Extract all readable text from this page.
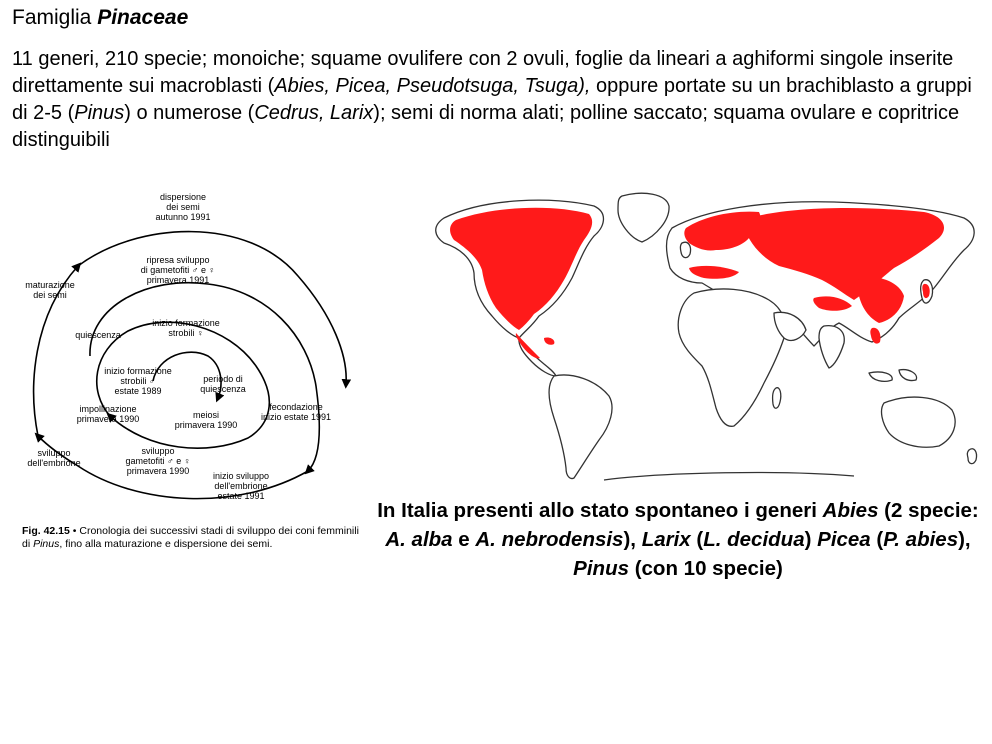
Famiglia Pinaceae
11 generi, 210 specie; monoiche; squame ovulifere con 2 ovuli, foglie da lineari a aghiformi singole inserite direttamente sui macroblasti (Abies, Picea, Pseudotsuga, Tsuga), oppure portate su un brachiblasto a gruppi di 2-5 (Pinus) o numerose (Cedrus, Larix); semi di norma alati; polline saccato; squama ovulare e copritrice distinguibili
dispersione dei semi autunno 1991
ripresa sviluppo di gametofiti ♂ e ♀ primavera 1991
maturazione dei semi
inizio formazione strobili ♀
quiescenza
inizio formazione strobili ♂ estate 1989
periodo di quiescenza
fecondazione inizio estate 1991
impollinazione primavera 1990	meiosi primavera 1990
sviluppo dell'embrione
sviluppo gametofiti ♂ e ♀ primavera 1990	inizio sviluppo dell'embrione estate 1991
Fig. 42.15 • Cronologia dei successivi stadi di sviluppo dei coni femminili di Pinus, fino alla maturazione e dispersione dei semi.
In Italia presenti allo stato spontaneo i generi Abies (2 specie: A. alba e A. nebrodensis), Larix (L. decidua) Picea (P. abies), Pinus (con 10 specie)
